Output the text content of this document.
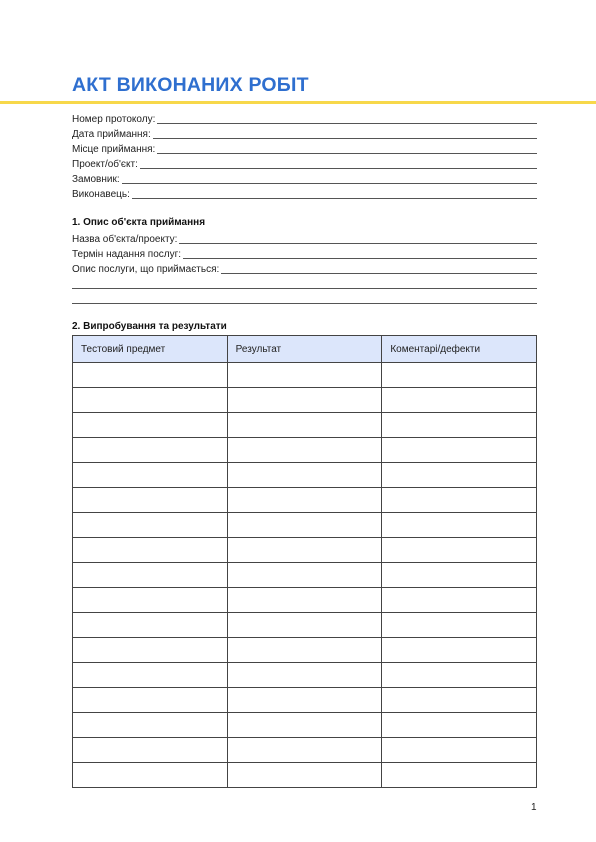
АКТ ВИКОНАНИХ РОБІТ
Номер протоколу:
Дата приймання:
Місце приймання:
Проект/об'єкт:
Замовник:
Виконавець:
1. Опис об'єкта приймання
Назва об'єкта/проекту:
Термін надання послуг:
Опис послуги, що приймається:
2. Випробування та результати
Тестовий предмет	Результат	Коментарі/дефекти

1
